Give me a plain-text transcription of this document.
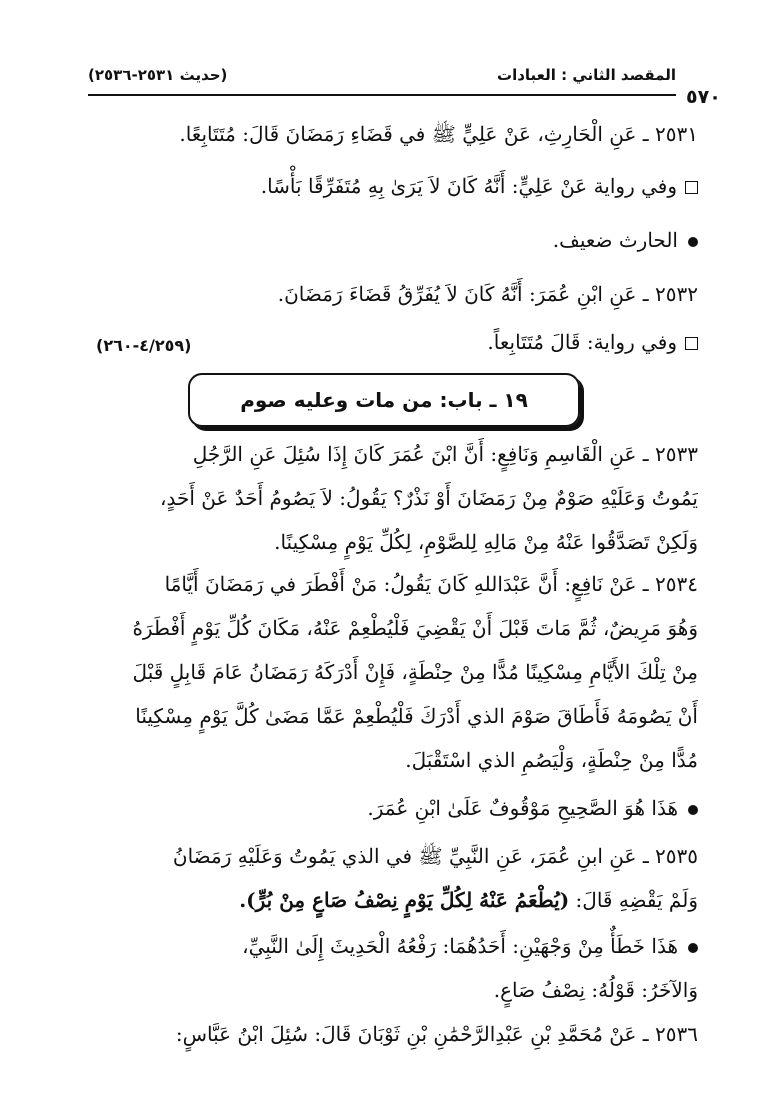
المقصد الثاني : العبادات
(حديث ٢٥٣١-٢٥٣٦)
٥٧٠
٢٥٣١ ـ عَنِ الْحَارِثِ، عَنْ عَلِيٍّ ﷺ في قَضَاءِ رَمَضَانَ قَالَ: مُتَتَابِعًا.
وفي رواية عَنْ عَلِيٍّ: أَنَّهُ كَانَ لاَ يَرَىٰ بِهِ مُتَفَرِّقًا بَأْسًا.
الحارث ضعيف.
٢٥٣٢ ـ عَنِ ابْنِ عُمَرَ: أَنَّهُ كَانَ لاَ يُفَرِّقُ قَضَاءَ رَمَضَانَ.
وفي رواية: قَالَ مُتَتَابِعاً.
(٤/٢٥٩-٢٦٠)
٢٥٣٣ ـ عَنِ الْقَاسِمِ وَنَافِعٍ: أَنَّ ابْنَ عُمَرَ كَانَ إِذَا سُئِلَ عَنِ الرَّجُلِ
يَمُوتُ وَعَلَيْهِ صَوْمٌ مِنْ رَمَضَانَ أَوْ نَذْرٌ؟ يَقُولُ: لاَ يَصُومُ أَحَدٌ عَنْ أَحَدٍ،
وَلَكِنْ تَصَدَّقُوا عَنْهُ مِنْ مَالِهِ لِلصَّوْمِ، لِكُلِّ يَوْمٍ مِسْكِينًا.
٢٥٣٤ ـ عَنْ نَافِعٍ: أَنَّ عَبْدَاللهِ كَانَ يَقُولُ: مَنْ أَفْطَرَ في رَمَضَانَ أَيَّامًا
وَهُوَ مَرِيضٌ، ثُمَّ مَاتَ قَبْلَ أَنْ يَقْضِيَ فَلْيُطْعِمْ عَنْهُ، مَكَانَ كُلِّ يَوْمٍ أَفْطَرَهُ
مِنْ تِلْكَ الأَيَّامِ مِسْكِينًا مُدًّا مِنْ حِنْطَةٍ، فَإِنْ أَدْرَكَهُ رَمَضَانُ عَامَ قَابِلٍ قَبْلَ
أَنْ يَصُومَهُ فَأَطَاقَ صَوْمَ الذي أَدْرَكَ فَلْيُطْعِمْ عَمَّا مَضَىٰ كُلَّ يَوْمٍ مِسْكِينًا
مُدًّا مِنْ حِنْطَةٍ، وَلْيَصُمِ الذي اسْتَقْبَلَ.
هَذَا هُوَ الصَّحِيحِ مَوْقُوفٌ عَلَىٰ ابْنِ عُمَرَ.
٢٥٣٥ ـ عَنِ ابنِ عُمَرَ، عَنِ النَّبِيِّ ﷺ في الذي يَمُوتُ وَعَلَيْهِ رَمَضَانُ
وَلَمْ يَقْضِهِ قَالَ: (يُطْعَمُ عَنْهُ لِكُلِّ يَوْمٍ نِصْفُ صَاعٍ مِنْ بُرٍّ).
هَذَا خَطَأٌ مِنْ وَجْهَيْنِ: أَحَدُهُمَا: رَفْعُهُ الْحَدِيثَ إِلَىٰ النَّبِيِّ،
وَالآخَرُ: قَوْلُهُ: نِصْفُ صَاعٍ.
٢٥٣٦ ـ عَنْ مُحَمَّدِ بْنِ عَبْدِالرَّحْمَٰنِ بْنِ ثَوْبَانَ قَالَ: سُئِلَ ابْنُ عَبَّاسٍ:
١٩ ـ باب: من مات وعليه صوم
